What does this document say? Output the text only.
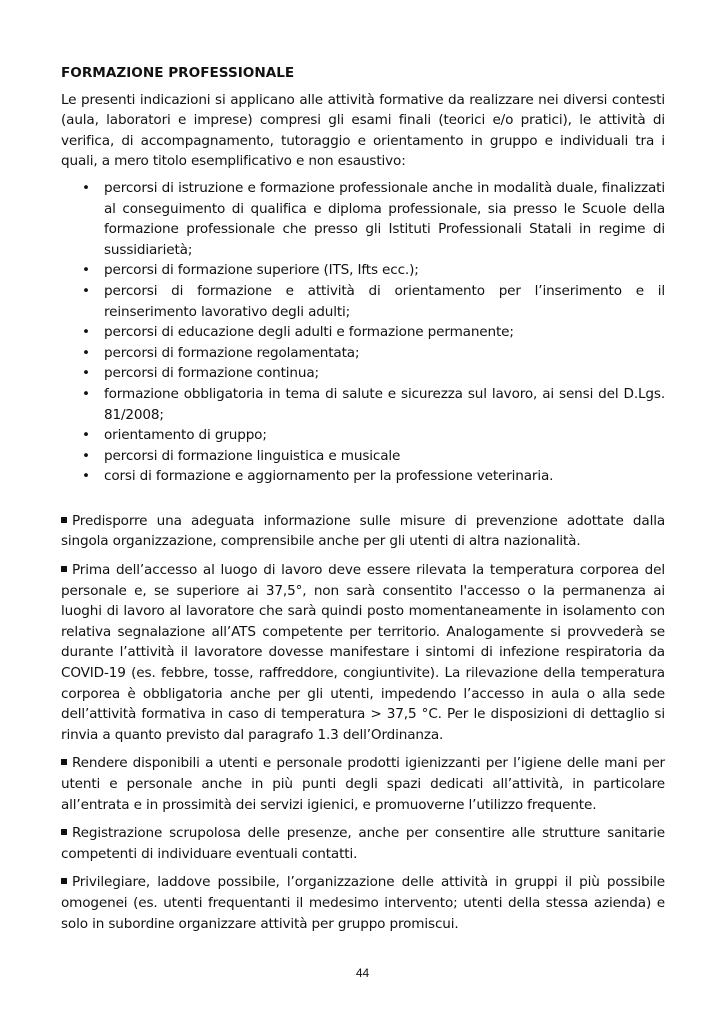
FORMAZIONE PROFESSIONALE

Le presenti indicazioni si applicano alle attività formative da realizzare nei diversi contesti (aula, laboratori e imprese) compresi gli esami finali (teorici e/o pratici), le attività di verifica, di accompagnamento, tutoraggio e orientamento in gruppo e individuali tra i quali, a mero titolo esemplificativo e non esaustivo:

• percorsi di istruzione e formazione professionale anche in modalità duale, finalizzati al conseguimento di qualifica e diploma professionale, sia presso le Scuole della formazione professionale che presso gli Istituti Professionali Statali in regime di sussidiarietà;
• percorsi di formazione superiore (ITS, Ifts ecc.);
• percorsi di formazione e attività di orientamento per l’inserimento e il reinserimento lavorativo degli adulti;
• percorsi di educazione degli adulti e formazione permanente;
• percorsi di formazione regolamentata;
• percorsi di formazione continua;
• formazione obbligatoria in tema di salute e sicurezza sul lavoro, ai sensi del D.Lgs. 81/2008;
• orientamento di gruppo;
• percorsi di formazione linguistica e musicale
• corsi di formazione e aggiornamento per la professione veterinaria.

Predisporre una adeguata informazione sulle misure di prevenzione adottate dalla singola organizzazione, comprensibile anche per gli utenti di altra nazionalità.

Prima dell’accesso al luogo di lavoro deve essere rilevata la temperatura corporea del personale e, se superiore ai 37,5°, non sarà consentito l'accesso o la permanenza ai luoghi di lavoro al lavoratore che sarà quindi posto momentaneamente in isolamento con relativa segnalazione all’ATS competente per territorio. Analogamente si provvederà se durante l’attività il lavoratore dovesse manifestare i sintomi di infezione respiratoria da COVID-19 (es. febbre, tosse, raffreddore, congiuntivite). La rilevazione della temperatura corporea è obbligatoria anche per gli utenti, impedendo l’accesso in aula o alla sede dell’attività formativa in caso di temperatura > 37,5 °C. Per le disposizioni di dettaglio si rinvia a quanto previsto dal paragrafo 1.3 dell’Ordinanza.

Rendere disponibili a utenti e personale prodotti igienizzanti per l’igiene delle mani per utenti e personale anche in più punti degli spazi dedicati all’attività, in particolare all’entrata e in prossimità dei servizi igienici, e promuoverne l’utilizzo frequente.

Registrazione scrupolosa delle presenze, anche per consentire alle strutture sanitarie competenti di individuare eventuali contatti.

Privilegiare, laddove possibile, l’organizzazione delle attività in gruppi il più possibile omogenei (es. utenti frequentanti il medesimo intervento; utenti della stessa azienda) e solo in subordine organizzare attività per gruppo promiscui.

44
